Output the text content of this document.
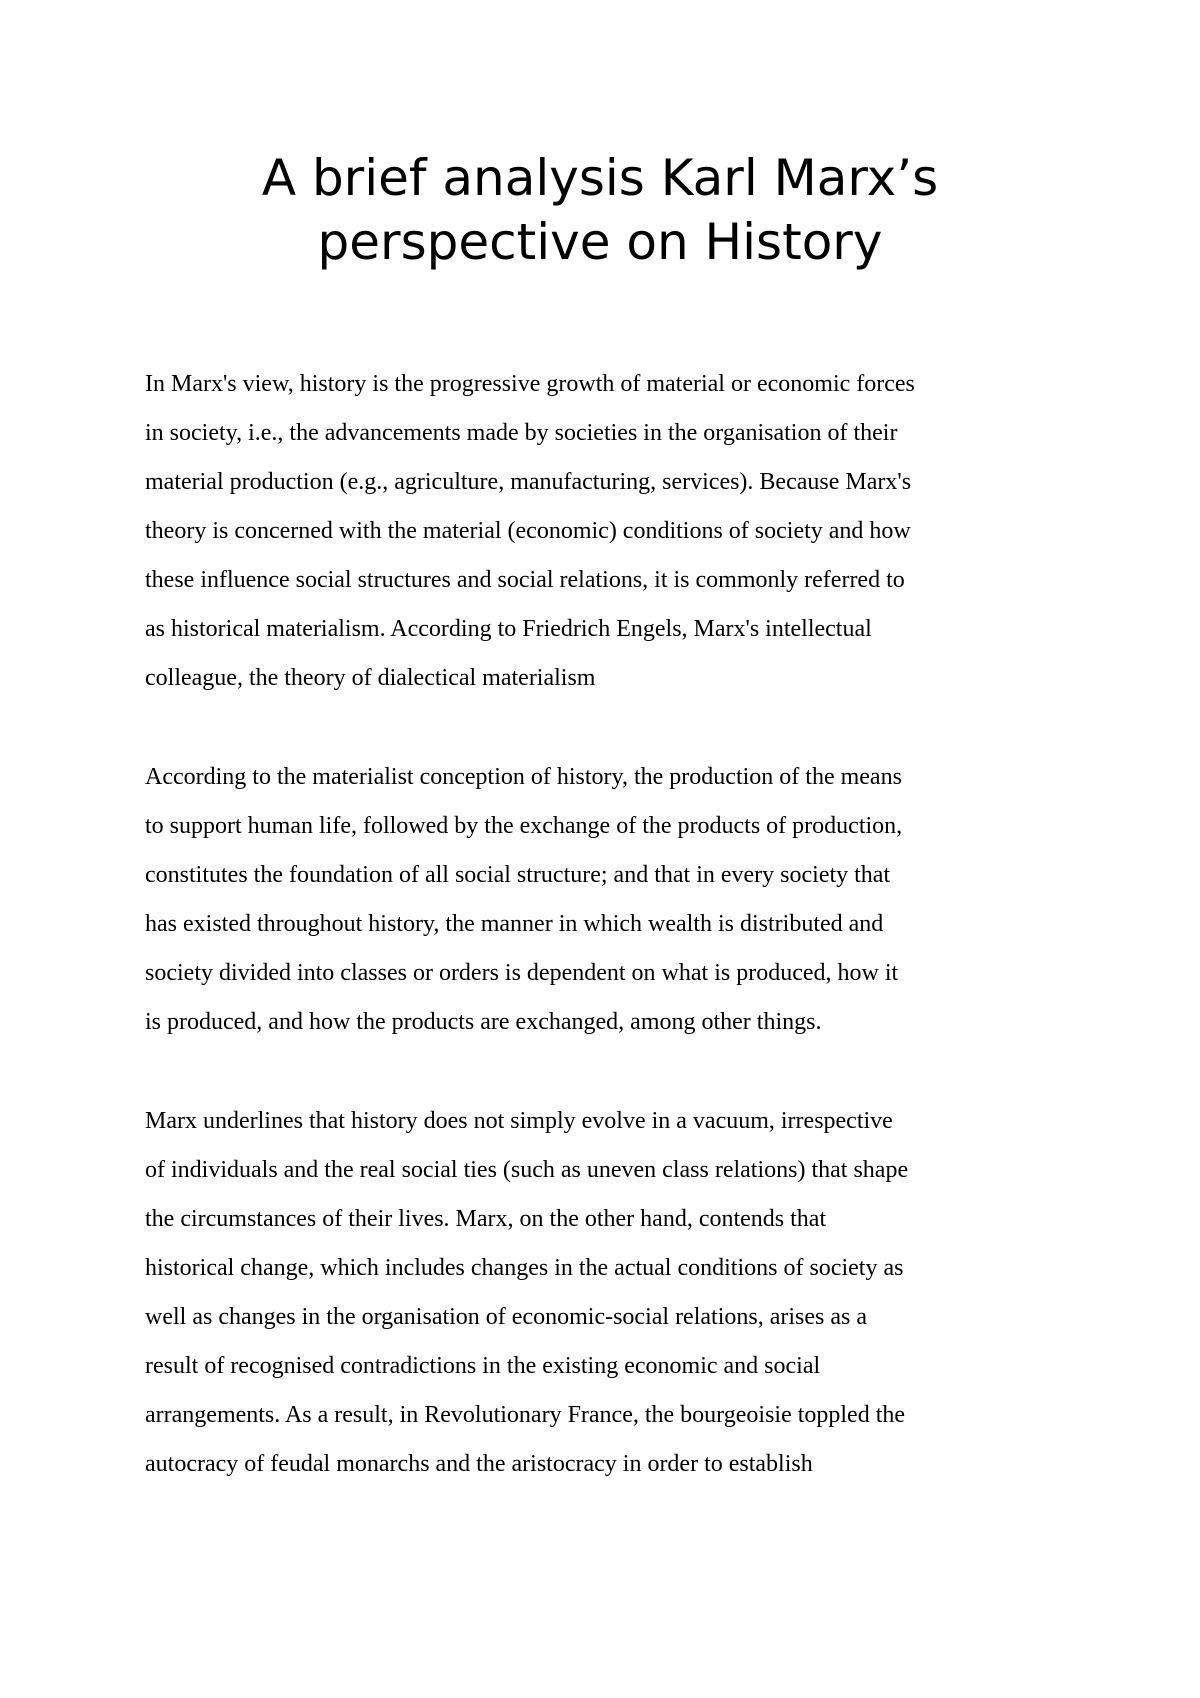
A brief analysis Karl Marx’s
perspective on History

In Marx's view, history is the progressive growth of material or economic forces
in society, i.e., the advancements made by societies in the organisation of their
material production (e.g., agriculture, manufacturing, services). Because Marx's
theory is concerned with the material (economic) conditions of society and how
these influence social structures and social relations, it is commonly referred to
as historical materialism. According to Friedrich Engels, Marx's intellectual
colleague, the theory of dialectical materialism

According to the materialist conception of history, the production of the means
to support human life, followed by the exchange of the products of production,
constitutes the foundation of all social structure; and that in every society that
has existed throughout history, the manner in which wealth is distributed and
society divided into classes or orders is dependent on what is produced, how it
is produced, and how the products are exchanged, among other things.

Marx underlines that history does not simply evolve in a vacuum, irrespective
of individuals and the real social ties (such as uneven class relations) that shape
the circumstances of their lives. Marx, on the other hand, contends that
historical change, which includes changes in the actual conditions of society as
well as changes in the organisation of economic-social relations, arises as a
result of recognised contradictions in the existing economic and social
arrangements. As a result, in Revolutionary France, the bourgeoisie toppled the
autocracy of feudal monarchs and the aristocracy in order to establish
